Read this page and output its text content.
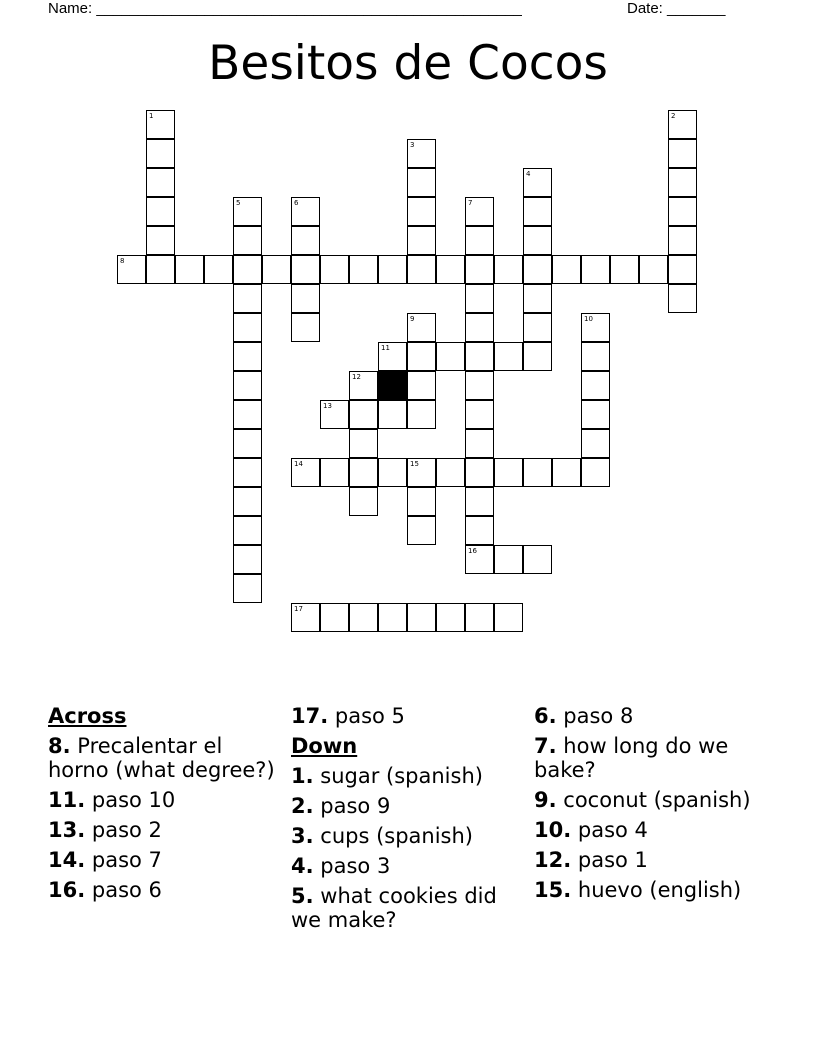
Name: ___________________________________________________	Date: _______
Besitos de Cocos
1	2
3
4
5	6	7
8
9	10
11
12
13
14	15
16
17
Across
8. Precalentar el horno (what degree?)
11. paso 10
13. paso 2
14. paso 7
16. paso 6
17. paso 5
Down
1. sugar (spanish)
2. paso 9
3. cups (spanish)
4. paso 3
5. what cookies did we make?
6. paso 8
7. how long do we bake?
9. coconut (spanish)
10. paso 4
12. paso 1
15. huevo (english)
